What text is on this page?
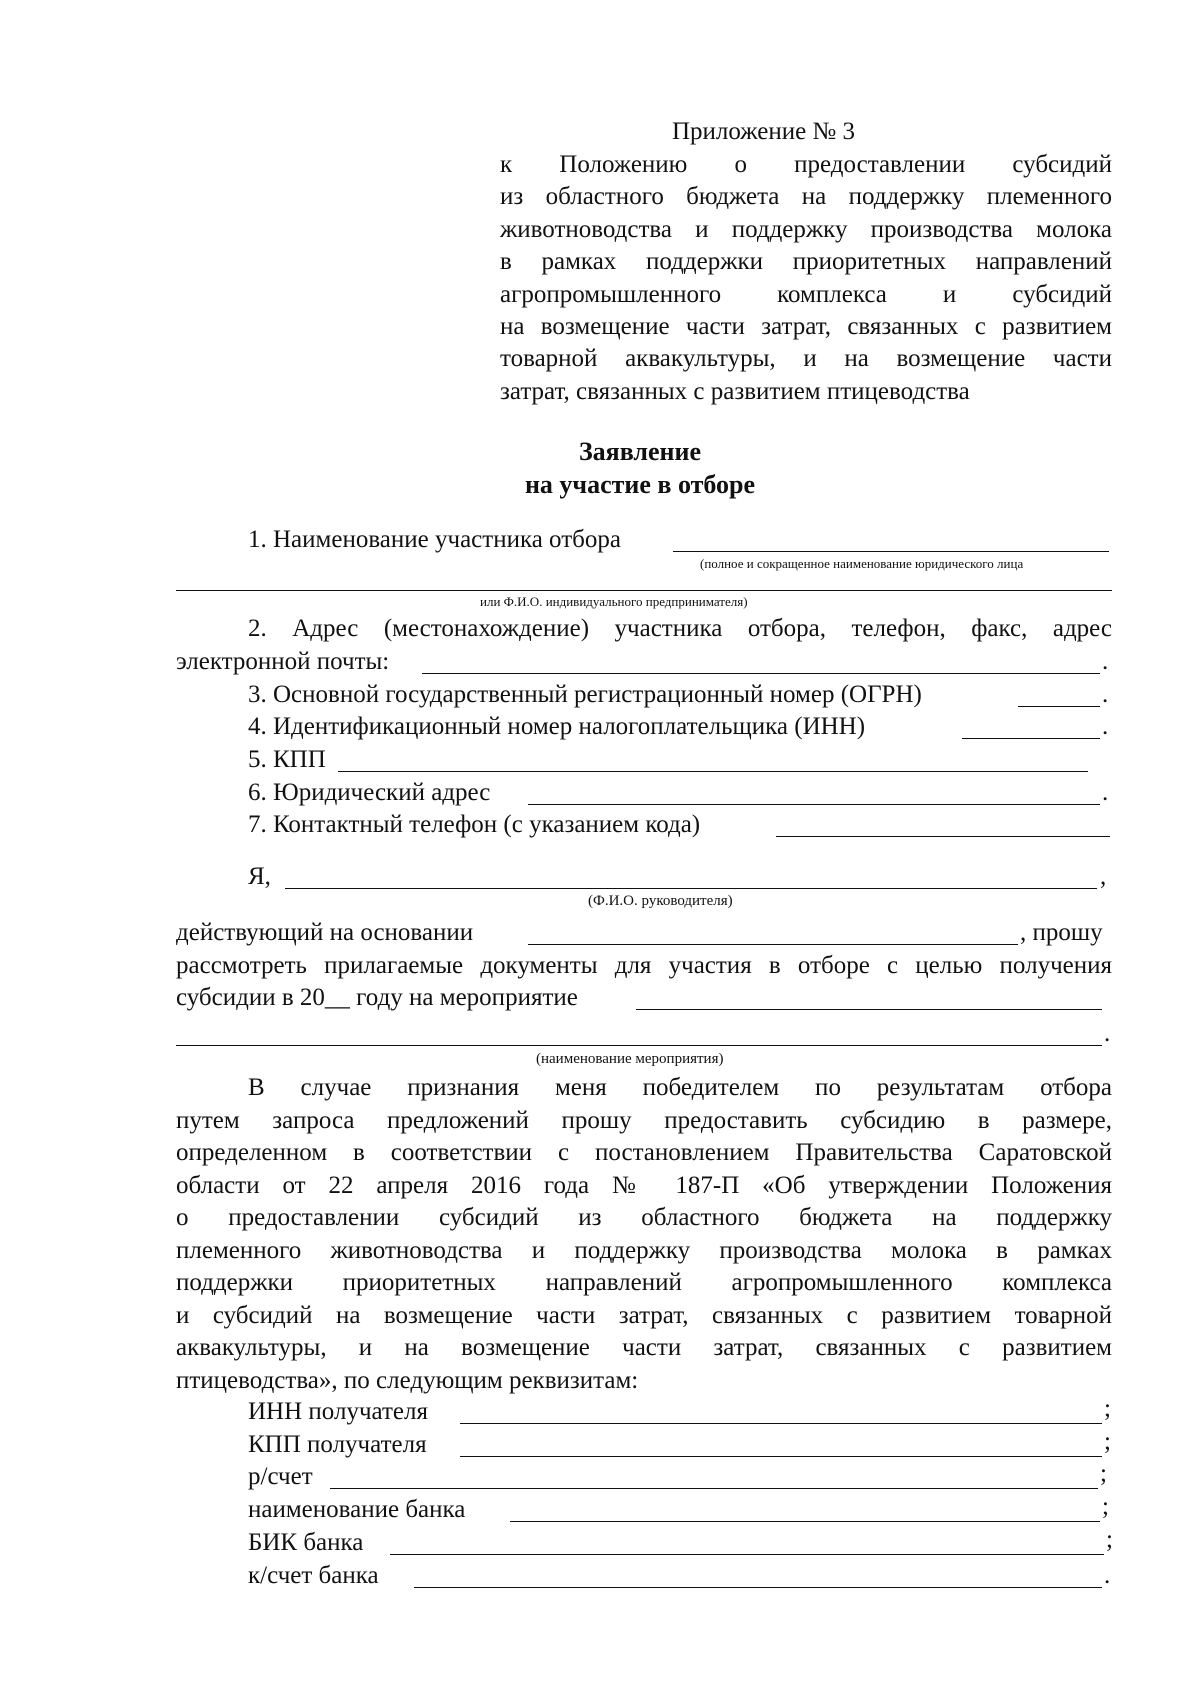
Приложение № 3
к Положению о предоставлении субсидий
из областного бюджета на поддержку племенного
животноводства и поддержку производства молока
в рамках поддержки приоритетных направлений
агропромышленного комплекса и субсидий
на возмещение части затрат, связанных с развитием
товарной аквакультуры, и на возмещение части
затрат, связанных с развитием птицеводства
Заявление
на участие в отборе
1. Наименование участника отбора
(полное и сокращенное наименование юридического лица
или Ф.И.О. индивидуального предпринимателя)
2. Адрес (местонахождение) участника отбора, телефон, факс, адрес
электронной почты:	.
3. Основной государственный регистрационный номер (ОГРН)	.
4. Идентификационный номер налогоплательщика (ИНН)	.
5. КПП
6. Юридический адрес	.
7. Контактный телефон (с указанием кода)
Я,	,
(Ф.И.О. руководителя)
действующий на основании	, прошу
рассмотреть прилагаемые документы для участия в отборе с целью получения
субсидии в 20__ году на мероприятие
.
(наименование мероприятия)
В случае признания меня победителем по результатам отбора
путем запроса предложений прошу предоставить субсидию в размере,
определенном в соответствии с постановлением Правительства Саратовской
области от 22 апреля 2016 года № 187-П «Об утверждении Положения
о предоставлении субсидий из областного бюджета на поддержку
племенного животноводства и поддержку производства молока в рамках
поддержки приоритетных направлений агропромышленного комплекса
и субсидий на возмещение части затрат, связанных с развитием товарной
аквакультуры, и на возмещение части затрат, связанных с развитием
птицеводства», по следующим реквизитам:
ИНН получателя	;
КПП получателя	;
р/счет	;
наименование банка	;
БИК банка	;
к/счет банка	.
